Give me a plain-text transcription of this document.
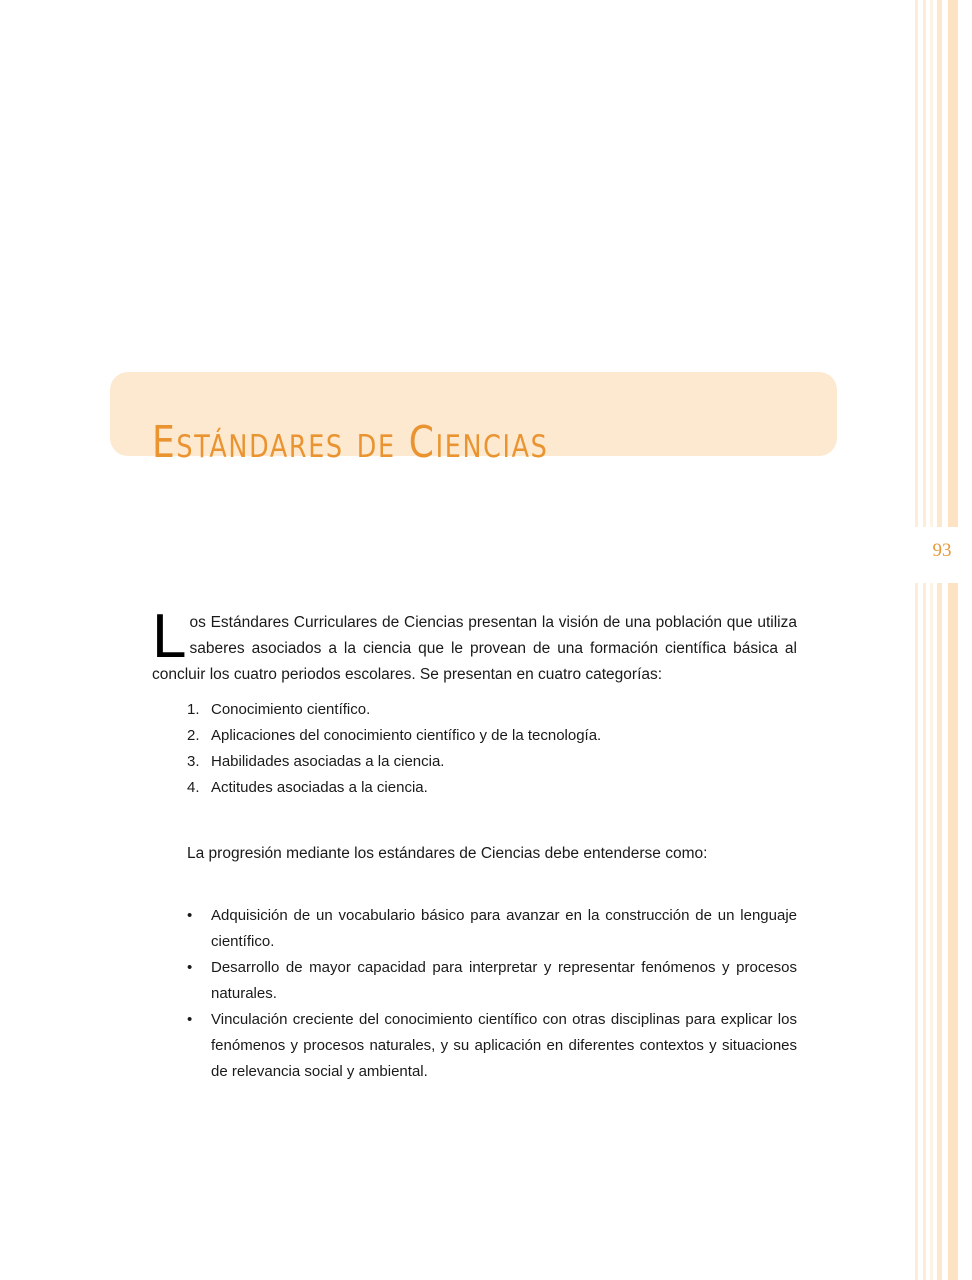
93
Estándares de Ciencias

Los Estándares Curriculares de Ciencias presentan la visión de una población que utiliza saberes asociados a la ciencia que le provean de una formación científica básica al concluir los cuatro periodos escolares. Se presentan en cuatro categorías:

1. Conocimiento científico.
2. Aplicaciones del conocimiento científico y de la tecnología.
3. Habilidades asociadas a la ciencia.
4. Actitudes asociadas a la ciencia.

La progresión mediante los estándares de Ciencias debe entenderse como:

•	Adquisición de un vocabulario básico para avanzar en la construcción de un lenguaje científico.
•	Desarrollo de mayor capacidad para interpretar y representar fenómenos y procesos naturales.
•	Vinculación creciente del conocimiento científico con otras disciplinas para explicar los fenómenos y procesos naturales, y su aplicación en diferentes contextos y situaciones de relevancia social y ambiental.
